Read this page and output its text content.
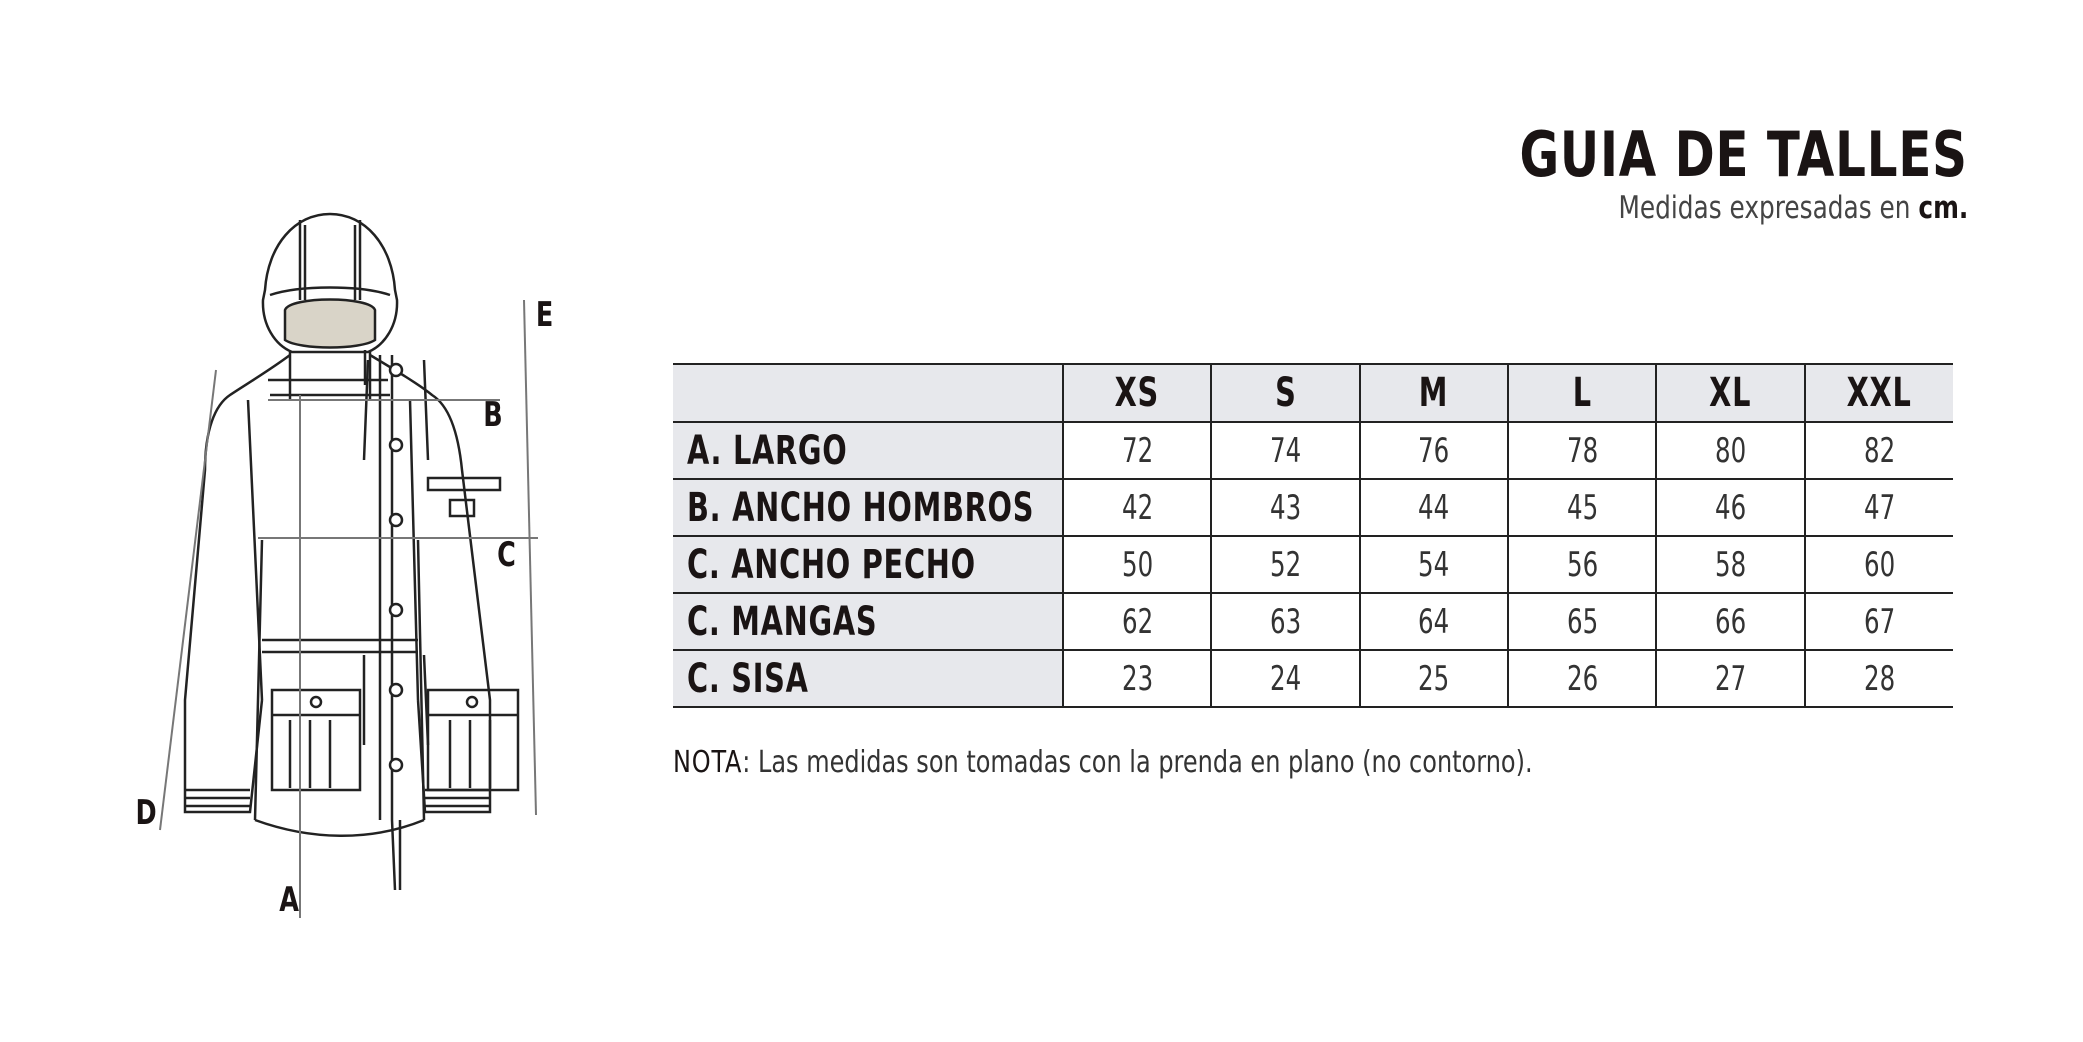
A
B
C
D
E
GUIA DE TALLES
Medidas expresadas en cm.
	XS	S	M	L	XL	XXL
A. LARGO	72	74	76	78	80	82
B. ANCHO HOMBROS	42	43	44	45	46	47
C. ANCHO PECHO	50	52	54	56	58	60
C. MANGAS	62	63	64	65	66	67
C. SISA	23	24	25	26	27	28

NOTA: Las medidas son tomadas con la prenda en plano (no contorno).
